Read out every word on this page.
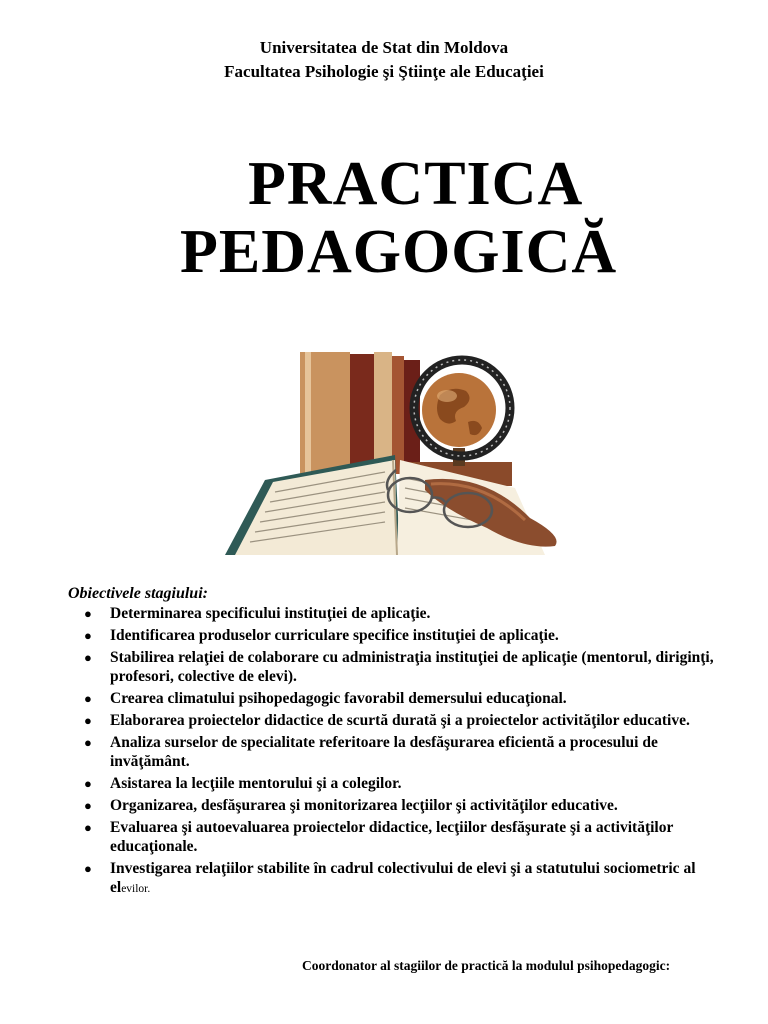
Universitatea de Stat din Moldova
Facultatea Psihologie şi Ştiinţe ale Educaţiei
PRACTICA
PEDAGOGICĂ
Obiectivele stagiului:
● Determinarea specificului instituţiei de aplicaţie.
● Identificarea produselor curriculare specifice instituţiei de aplicaţie.
● Stabilirea relaţiei de colaborare cu administraţia instituţiei de aplicaţie (mentorul, diriginţi, profesori, colective de elevi).
● Crearea climatului psihopedagogic favorabil demersului educaţional.
● Elaborarea proiectelor didactice de scurtă durată şi a proiectelor activităţilor educative.
● Analiza surselor de specialitate referitoare la desfăşurarea eficientă a procesului de invăţământ.
● Asistarea la lecţiile mentorului şi a colegilor.
● Organizarea, desfăşurarea şi monitorizarea lecţiilor şi activităţilor educative.
● Evaluarea şi autoevaluarea proiectelor didactice, lecţiilor desfăşurate şi a activităţilor educaţionale.
● Investigarea relaţiilor stabilite în cadrul colectivului de elevi şi a statutului sociometric al elevilor.
Coordonator al stagiilor de practică la modulul psihopedagogic:
